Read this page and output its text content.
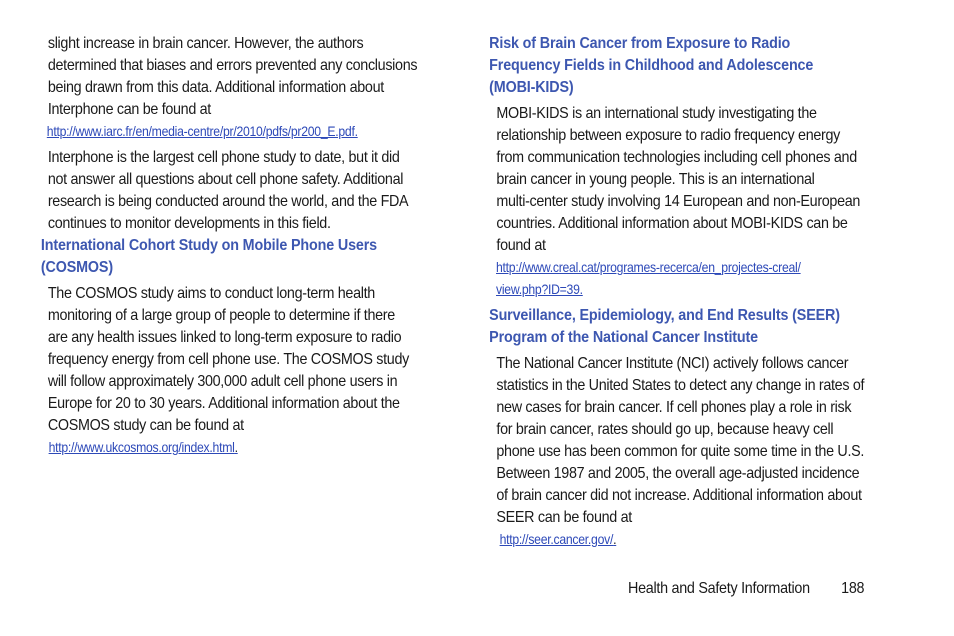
slight increase in brain cancer. However, the authors
determined that biases and errors prevented any conclusions
being drawn from this data. Additional information about
Interphone can be found at
http://www.iarc.fr/en/media-centre/pr/2010/pdfs/pr200_E.pdf.
Interphone is the largest cell phone study to date, but it did
not answer all questions about cell phone safety. Additional
research is being conducted around the world, and the FDA
continues to monitor developments in this field.
International Cohort Study on Mobile Phone Users
(COSMOS)
The COSMOS study aims to conduct long-term health
monitoring of a large group of people to determine if there
are any health issues linked to long-term exposure to radio
frequency energy from cell phone use. The COSMOS study
will follow approximately 300,000 adult cell phone users in
Europe for 20 to 30 years. Additional information about the
COSMOS study can be found at
http://www.ukcosmos.org/index.html.
Risk of Brain Cancer from Exposure to Radio
Frequency Fields in Childhood and Adolescence
(MOBI-KIDS)
MOBI-KIDS is an international study investigating the
relationship between exposure to radio frequency energy
from communication technologies including cell phones and
brain cancer in young people. This is an international
multi-center study involving 14 European and non-European
countries. Additional information about MOBI-KIDS can be
found at
http://www.creal.cat/programes-recerca/en_projectes-creal/
view.php?ID=39.
Surveillance, Epidemiology, and End Results (SEER)
Program of the National Cancer Institute
The National Cancer Institute (NCI) actively follows cancer
statistics in the United States to detect any change in rates of
new cases for brain cancer. If cell phones play a role in risk
for brain cancer, rates should go up, because heavy cell
phone use has been common for quite some time in the U.S.
Between 1987 and 2005, the overall age-adjusted incidence
of brain cancer did not increase. Additional information about
SEER can be found at
http://seer.cancer.gov/.
Health and Safety Information 188
